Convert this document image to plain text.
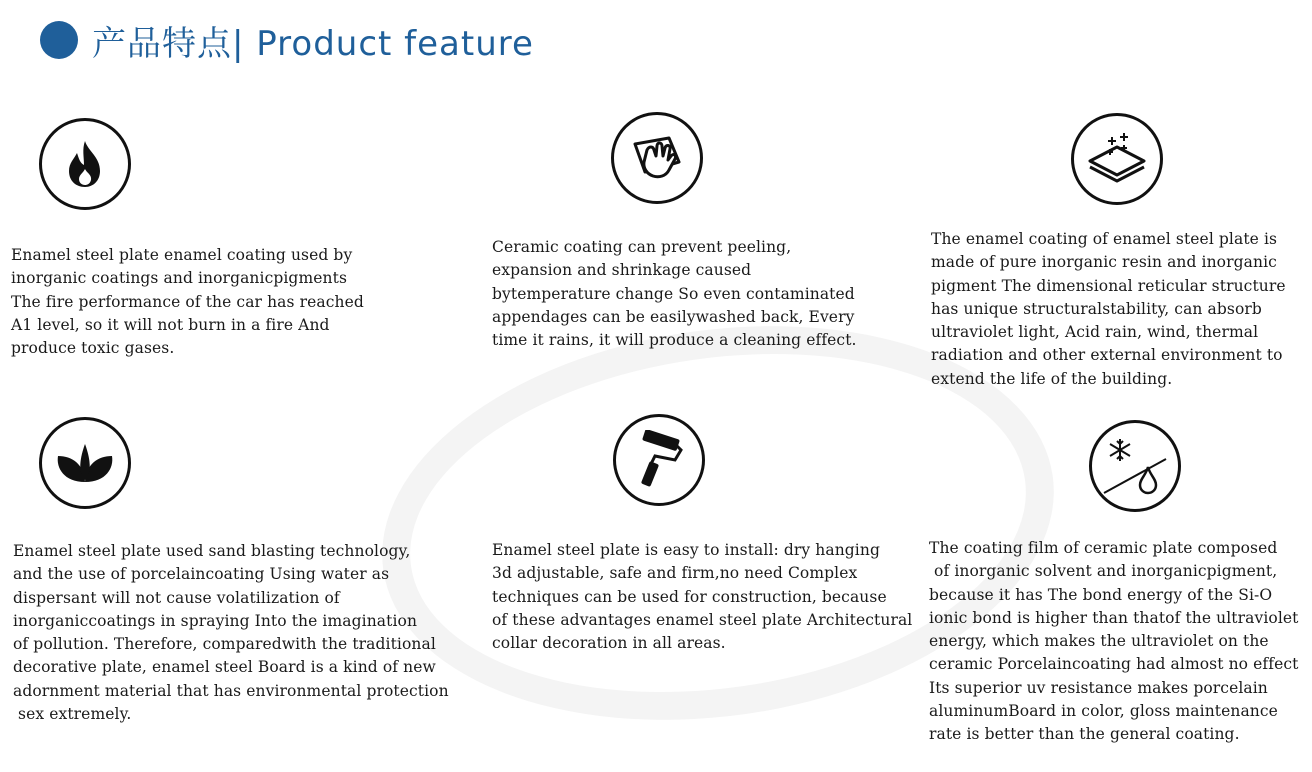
产品特点| Product feature

Enamel steel plate enamel coating used by
inorganic coatings and inorganicpigments
The fire performance of the car has reached
A1 level, so it will not burn in a fire And
produce toxic gases.

Ceramic coating can prevent peeling,
expansion and shrinkage caused
bytemperature change So even contaminated
appendages can be easilywashed back, Every
time it rains, it will produce a cleaning effect.

The enamel coating of enamel steel plate is
made of pure inorganic resin and inorganic
pigment The dimensional reticular structure
has unique structuralstability, can absorb
ultraviolet light, Acid rain, wind, thermal
radiation and other external environment to
extend the life of the building.

Enamel steel plate used sand blasting technology,
and the use of porcelaincoating Using water as
dispersant will not cause volatilization of
inorganiccoatings in spraying Into the imagination
of pollution. Therefore, comparedwith the traditional
decorative plate, enamel steel Board is a kind of new
adornment material that has environmental protection
sex extremely.

Enamel steel plate is easy to install: dry hanging
3d adjustable, safe and firm,no need Complex
techniques can be used for construction, because
of these advantages enamel steel plate Architectural
collar decoration in all areas.

The coating film of ceramic plate composed
of inorganic solvent and inorganicpigment,
because it has The bond energy of the Si-O
ionic bond is higher than thatof the ultraviolet
energy, which makes the ultraviolet on the
ceramic Porcelaincoating had almost no effect
Its superior uv resistance makes porcelain
aluminumBoard in color, gloss maintenance
rate is better than the general coating.
